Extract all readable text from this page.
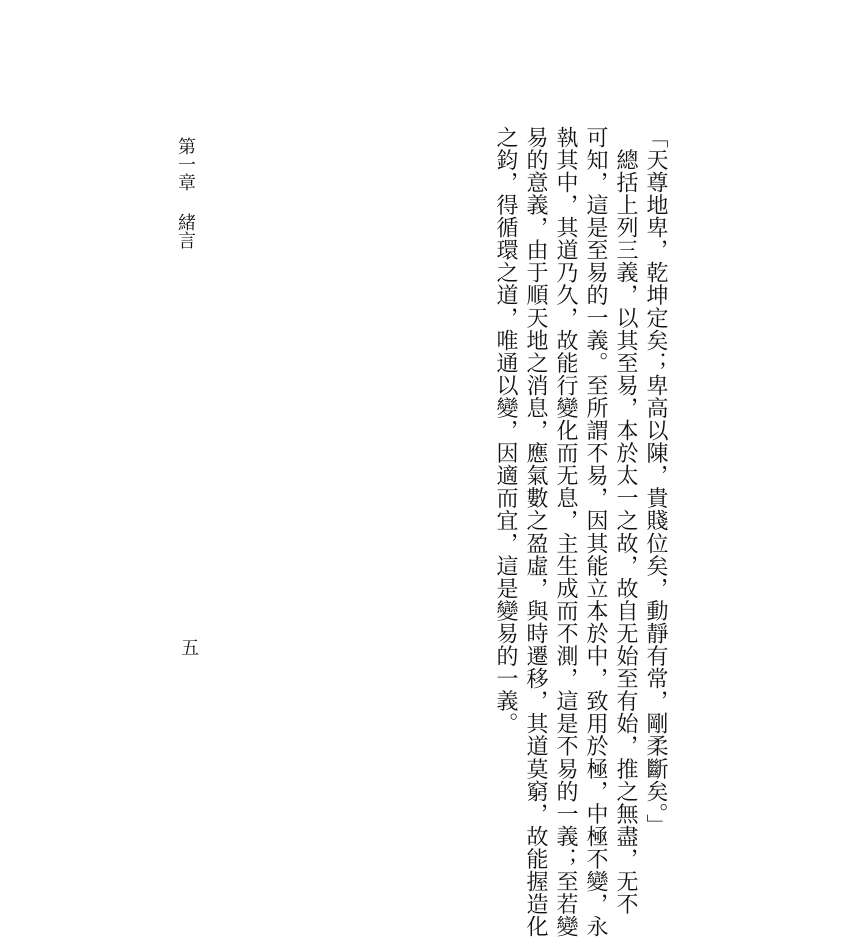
第一章緒言
五	「天尊地卑，乾坤定矣；卑高以陳，貴賤位矣，動靜有常，剛柔斷矣。」
　總括上列三義，以其至易，本於太一之故，故自无始至有始，推之無盡，无不
可知，這是至易的一義。至所謂不易，因其能立本於中，致用於極，中極不變，永
執其中，其道乃久，故能行變化而无息，主生成而不測，這是不易的一義；至若變
易的意義，由于順天地之消息，應氣數之盈虛，與時遷移，其道莫窮，故能握造化
之鈞，得循環之道，唯通以變，因適而宜，這是變易的一義。
